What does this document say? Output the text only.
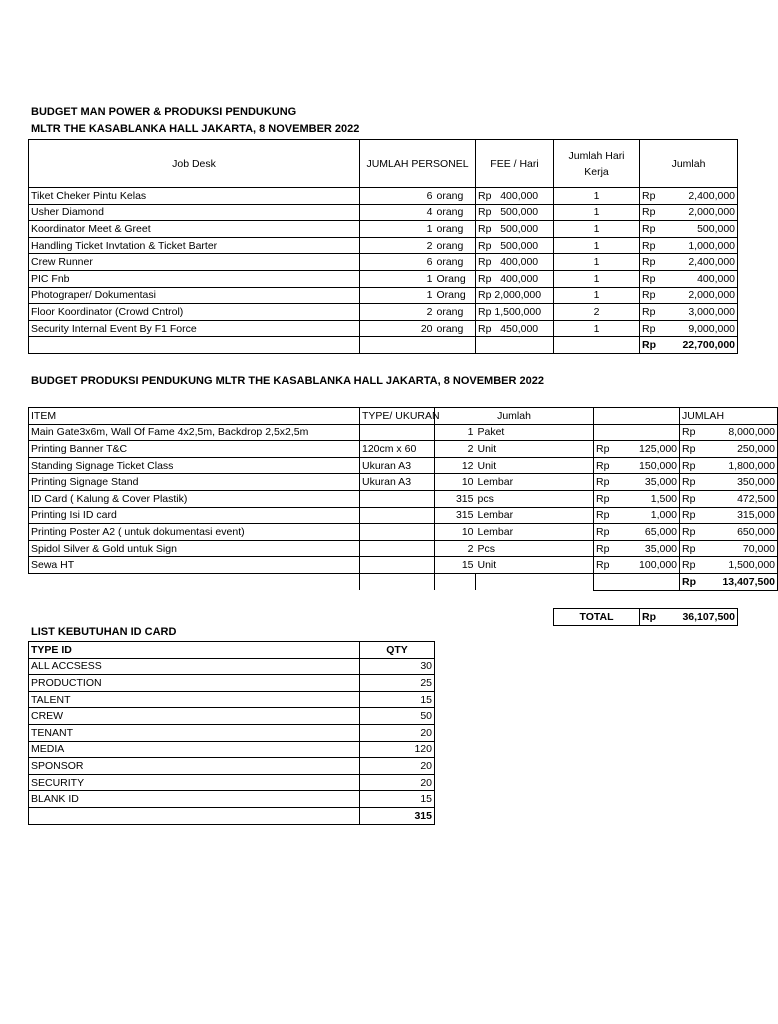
BUDGET MAN POWER & PRODUKSI PENDUKUNG
MLTR THE KASABLANKA HALL JAKARTA, 8 NOVEMBER 2022
Job Desk	JUMLAH PERSONEL		FEE / Hari	Jumlah Hari Kerja	Jumlah	
Tiket Cheker Pintu Kelas	6	orang	Rp   400,000	1	Rp	2,400,000
Usher Diamond	4	orang	Rp   500,000	1	Rp	2,000,000
Koordinator Meet & Greet	1	orang	Rp   500,000	1	Rp	500,000
Handling Ticket Invtation & Ticket Barter	2	orang	Rp   500,000	1	Rp	1,000,000
Crew Runner	6	orang	Rp   400,000	1	Rp	2,400,000
PIC Fnb	1	Orang	Rp   400,000	1	Rp	400,000
Photograper/ Dokumentasi	1	Orang	Rp 2,000,000	1	Rp	2,000,000
Floor Koordinator (Crowd Cntrol)	2	orang	Rp 1,500,000	2	Rp	3,000,000
Security Internal Event By F1 Force	20	orang	Rp   450,000	1	Rp	9,000,000
					Rp	22,700,000
BUDGET PRODUKSI PENDUKUNG MLTR THE KASABLANKA HALL JAKARTA, 8 NOVEMBER 2022
ITEM	TYPE/ UKURAN	Jumlah				JUMLAH	
Main Gate3x6m, Wall Of Fame 4x2,5m, Backdrop 2,5x2,5m		1	Paket			Rp	8,000,000
Printing Banner T&C	120cm x 60	2	Unit	Rp	125,000	Rp	250,000
Standing Signage Ticket Class	Ukuran A3	12	Unit	Rp	150,000	Rp	1,800,000
Printing Signage Stand	Ukuran A3	10	Lembar	Rp	35,000	Rp	350,000
ID Card ( Kalung & Cover Plastik)		315	pcs	Rp	1,500	Rp	472,500
Printing Isi ID card		315	Lembar	Rp	1,000	Rp	315,000
Printing Poster A2 ( untuk dokumentasi event)		10	Lembar	Rp	65,000	Rp	650,000
Spidol Silver & Gold untuk Sign		2	Pcs	Rp	35,000	Rp	70,000
Sewa HT		15	Unit	Rp	100,000	Rp	1,500,000
						Rp	13,407,500
TOTAL	Rp	36,107,500
LIST KEBUTUHAN ID CARD
TYPE ID	QTY
ALL ACCSESS	30
PRODUCTION	25
TALENT	15
CREW	50
TENANT	20
MEDIA	120
SPONSOR	20
SECURITY	20
BLANK ID	15
	315
